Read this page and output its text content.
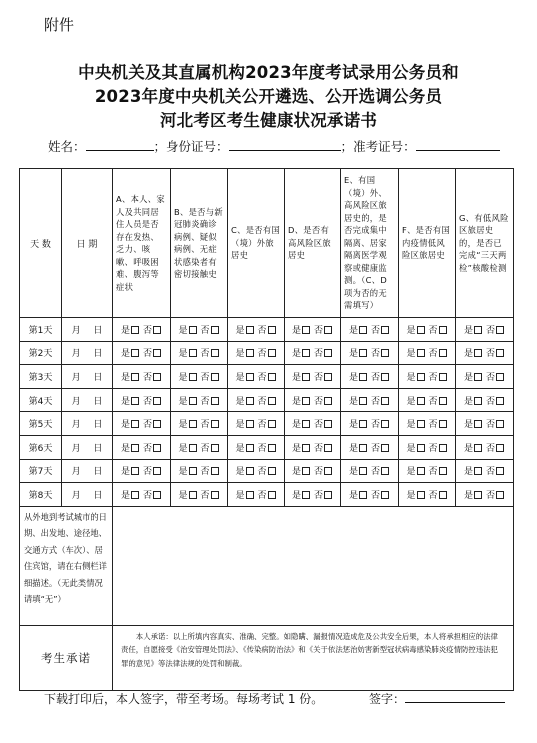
附件
中央机关及其直属机构2023年度考试录用公务员和
2023年度中央机关公开遴选、公开选调公务员
河北考区考生健康状况承诺书
姓名：	；身份证号：	；准考证号：
天 数	日 期	A、本人、家人及共同居住人员是否存在发热、乏力、咳嗽、呼吸困难、腹泻等症状	B、是否与新冠肺炎确诊病例、疑似病例、无症状感染者有密切接触史	C、是否有国（境）外旅居史	D、是否有高风险区旅居史	E、有国（境）外、高风险区旅居史的，是否完成集中隔离、居家隔离医学观察或健康监测。（C、D项为否的无需填写）	F、是否有国内疫情低风险区旅居史	G、有低风险区旅居史的，是否已完成“三天两检”核酸检测
第1天	月 日	是 否	是 否	是 否	是 否	是 否	是 否	是 否
第2天	月 日	是 否	是 否	是 否	是 否	是 否	是 否	是 否
第3天	月 日	是 否	是 否	是 否	是 否	是 否	是 否	是 否
第4天	月 日	是 否	是 否	是 否	是 否	是 否	是 否	是 否
第5天	月 日	是 否	是 否	是 否	是 否	是 否	是 否	是 否
第6天	月 日	是 否	是 否	是 否	是 否	是 否	是 否	是 否
第7天	月 日	是 否	是 否	是 否	是 否	是 否	是 否	是 否
第8天	月 日	是 否	是 否	是 否	是 否	是 否	是 否	是 否
从外地到考试城市的日期、出发地、途径地、交通方式（车次）、居住宾馆，请在右侧栏详细描述。（无此类情况请填“无”）								
考生承诺		本人承诺：以上所填内容真实、准确、完整。如隐瞒、漏报情况造成危及公共安全后果，本人将承担相应的法律责任，自愿接受《治安管理处罚法》、《传染病防治法》和《关于依法惩治妨害新型冠状病毒感染肺炎疫情防控违法犯罪的意见》等法律法规的处罚和制裁。						
下载打印后，本人签字，带至考场。每场考试 1 份。	签字：
